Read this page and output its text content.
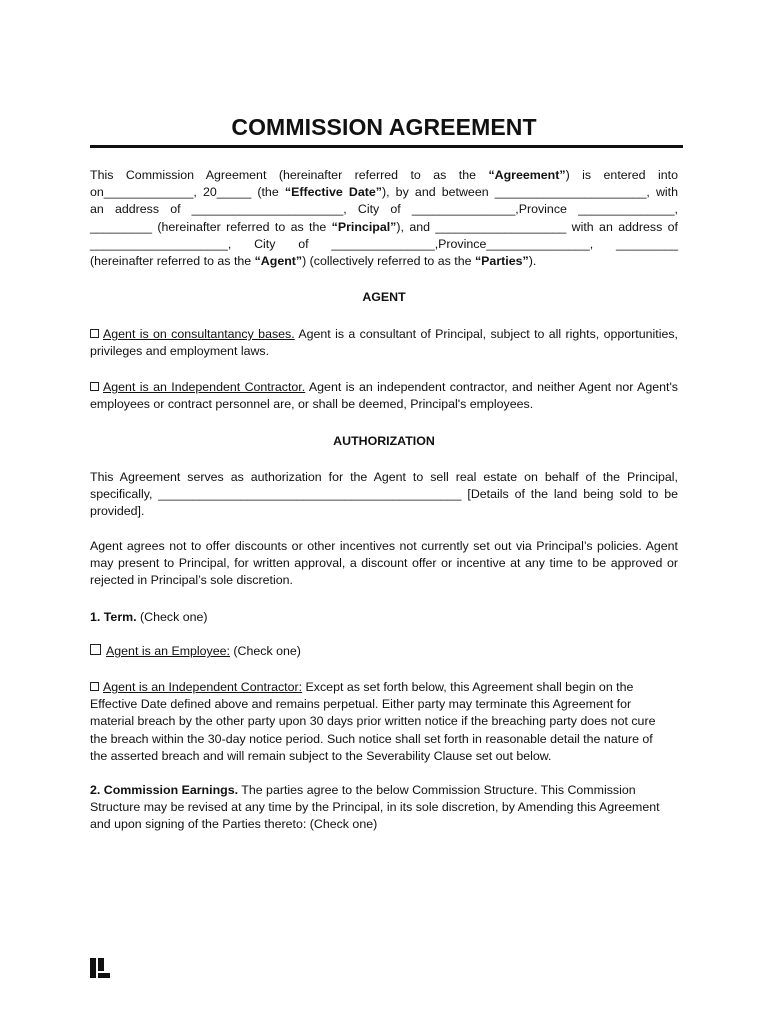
COMMISSION AGREEMENT
This Commission Agreement (hereinafter referred to as the “Agreement”) is entered into
on_____________, 20_____ (the “Effective Date”), by and between ______________________, with
an address of ______________________, City of _______________,Province ______________,
_________ (hereinafter referred to as the “Principal”), and ___________________ with an address of
____________________, City of _______________,Province_______________, _________
(hereinafter referred to as the “Agent”) (collectively referred to as the “Parties”).
AGENT
Agent is on consultantancy bases. Agent is a consultant of Principal, subject to all rights, opportunities,
privileges and employment laws.
Agent is an Independent Contractor. Agent is an independent contractor, and neither Agent nor Agent's
employees or contract personnel are, or shall be deemed, Principal's employees.
AUTHORIZATION
This Agreement serves as authorization for the Agent to sell real estate on behalf of the Principal,
specifically, ____________________________________________ [Details of the land being sold to be
provided].
Agent agrees not to offer discounts or other incentives not currently set out via Principal’s policies. Agent
may present to Principal, for written approval, a discount offer or incentive at any time to be approved or
rejected in Principal’s sole discretion.
1. Term. (Check one)
Agent is an Employee: (Check one)
Agent is an Independent Contractor: Except as set forth below, this Agreement shall begin on the
Effective Date defined above and remains perpetual. Either party may terminate this Agreement for
material breach by the other party upon 30 days prior written notice if the breaching party does not cure
the breach within the 30-day notice period. Such notice shall set forth in reasonable detail the nature of
the asserted breach and will remain subject to the Severability Clause set out below.
2. Commission Earnings. The parties agree to the below Commission Structure. This Commission
Structure may be revised at any time by the Principal, in its sole discretion, by Amending this Agreement
and upon signing of the Parties thereto: (Check one)
